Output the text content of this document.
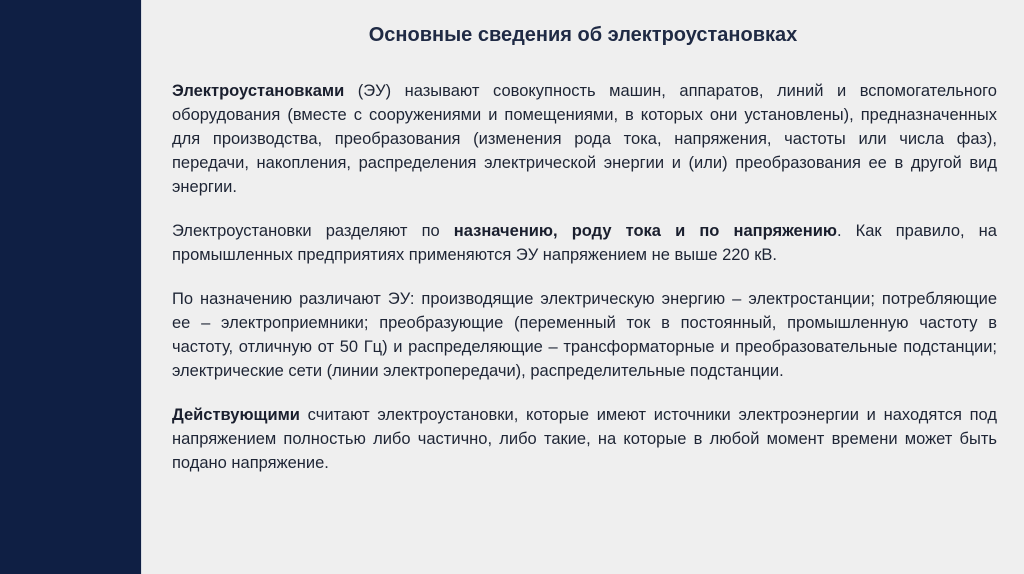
Основные сведения об электроустановках

Электроустановками (ЭУ) называют совокупность машин, аппаратов, линий и вспомогательного оборудования (вместе с сооружениями и помещениями, в которых они установлены), предназначенных для производства, преобразования (изменения рода тока, напряжения, частоты или числа фаз), передачи, накопления, распределения электрической энергии и (или) преобразования ее в другой вид энергии.

Электроустановки разделяют по назначению, роду тока и по напряжению. Как правило, на промышленных предприятиях применяются ЭУ напряжением не выше 220 кВ.

По назначению различают ЭУ: производящие электрическую энергию – электростанции; потребляющие ее – электроприемники; преобразующие (переменный ток в постоянный, промышленную частоту в частоту, отличную от 50 Гц) и распределяющие – трансформаторные и преобразовательные подстанции; электрические сети (линии электропередачи), распределительные подстанции.

Действующими считают электроустановки, которые имеют источники электроэнергии и находятся под напряжением полностью либо частично, либо такие, на которые в любой момент времени может быть подано напряжение.
